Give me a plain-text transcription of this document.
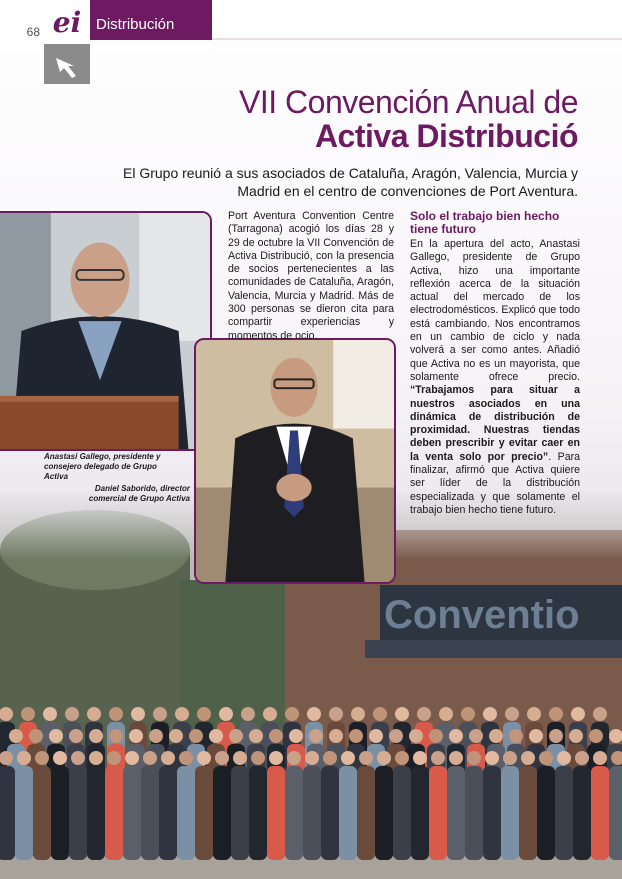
68 ei Distribución
VII Convención Anual de
Activa Distribució
El Grupo reunió a sus asociados de Cataluña, Aragón, Valencia, Murcia y Madrid en el centro de convenciones de Port Aventura.
Port Aventura Convention Centre (Tarragona) acogió los días 28 y 29 de octubre la VII Convención de Activa Distribució, con la presencia de socios pertenecientes a las comunidades de Cataluña, Aragón, Valencia, Murcia y Madrid. Más de 300 personas se dieron cita para compartir experiencias y momentos de ocio.
Solo el trabajo bien hecho tiene futuro
En la apertura del acto, Anastasi Gallego, presidente de Grupo Activa, hizo una importante reflexión acerca de la situación actual del mercado de los electrodomésticos. Explicó que todo está cambiando. Nos encontramos en un cambio de ciclo y nada volverá a ser como antes. Añadió que Activa no es un mayorista, que solamente ofrece precio. “Trabajamos para situar a nuestros asociados en una dinámica de distribución de proximidad. Nuestras tiendas deben prescribir y evitar caer en la venta solo por precio”. Para finalizar, afirmó que Activa quiere ser líder de la distribución especializada y que solamente el trabajo bien hecho tiene futuro.
Anastasi Gallego, presidente y consejero delegado de Grupo Activa
Daniel Saborido, director comercial de Grupo Activa
Conventio
